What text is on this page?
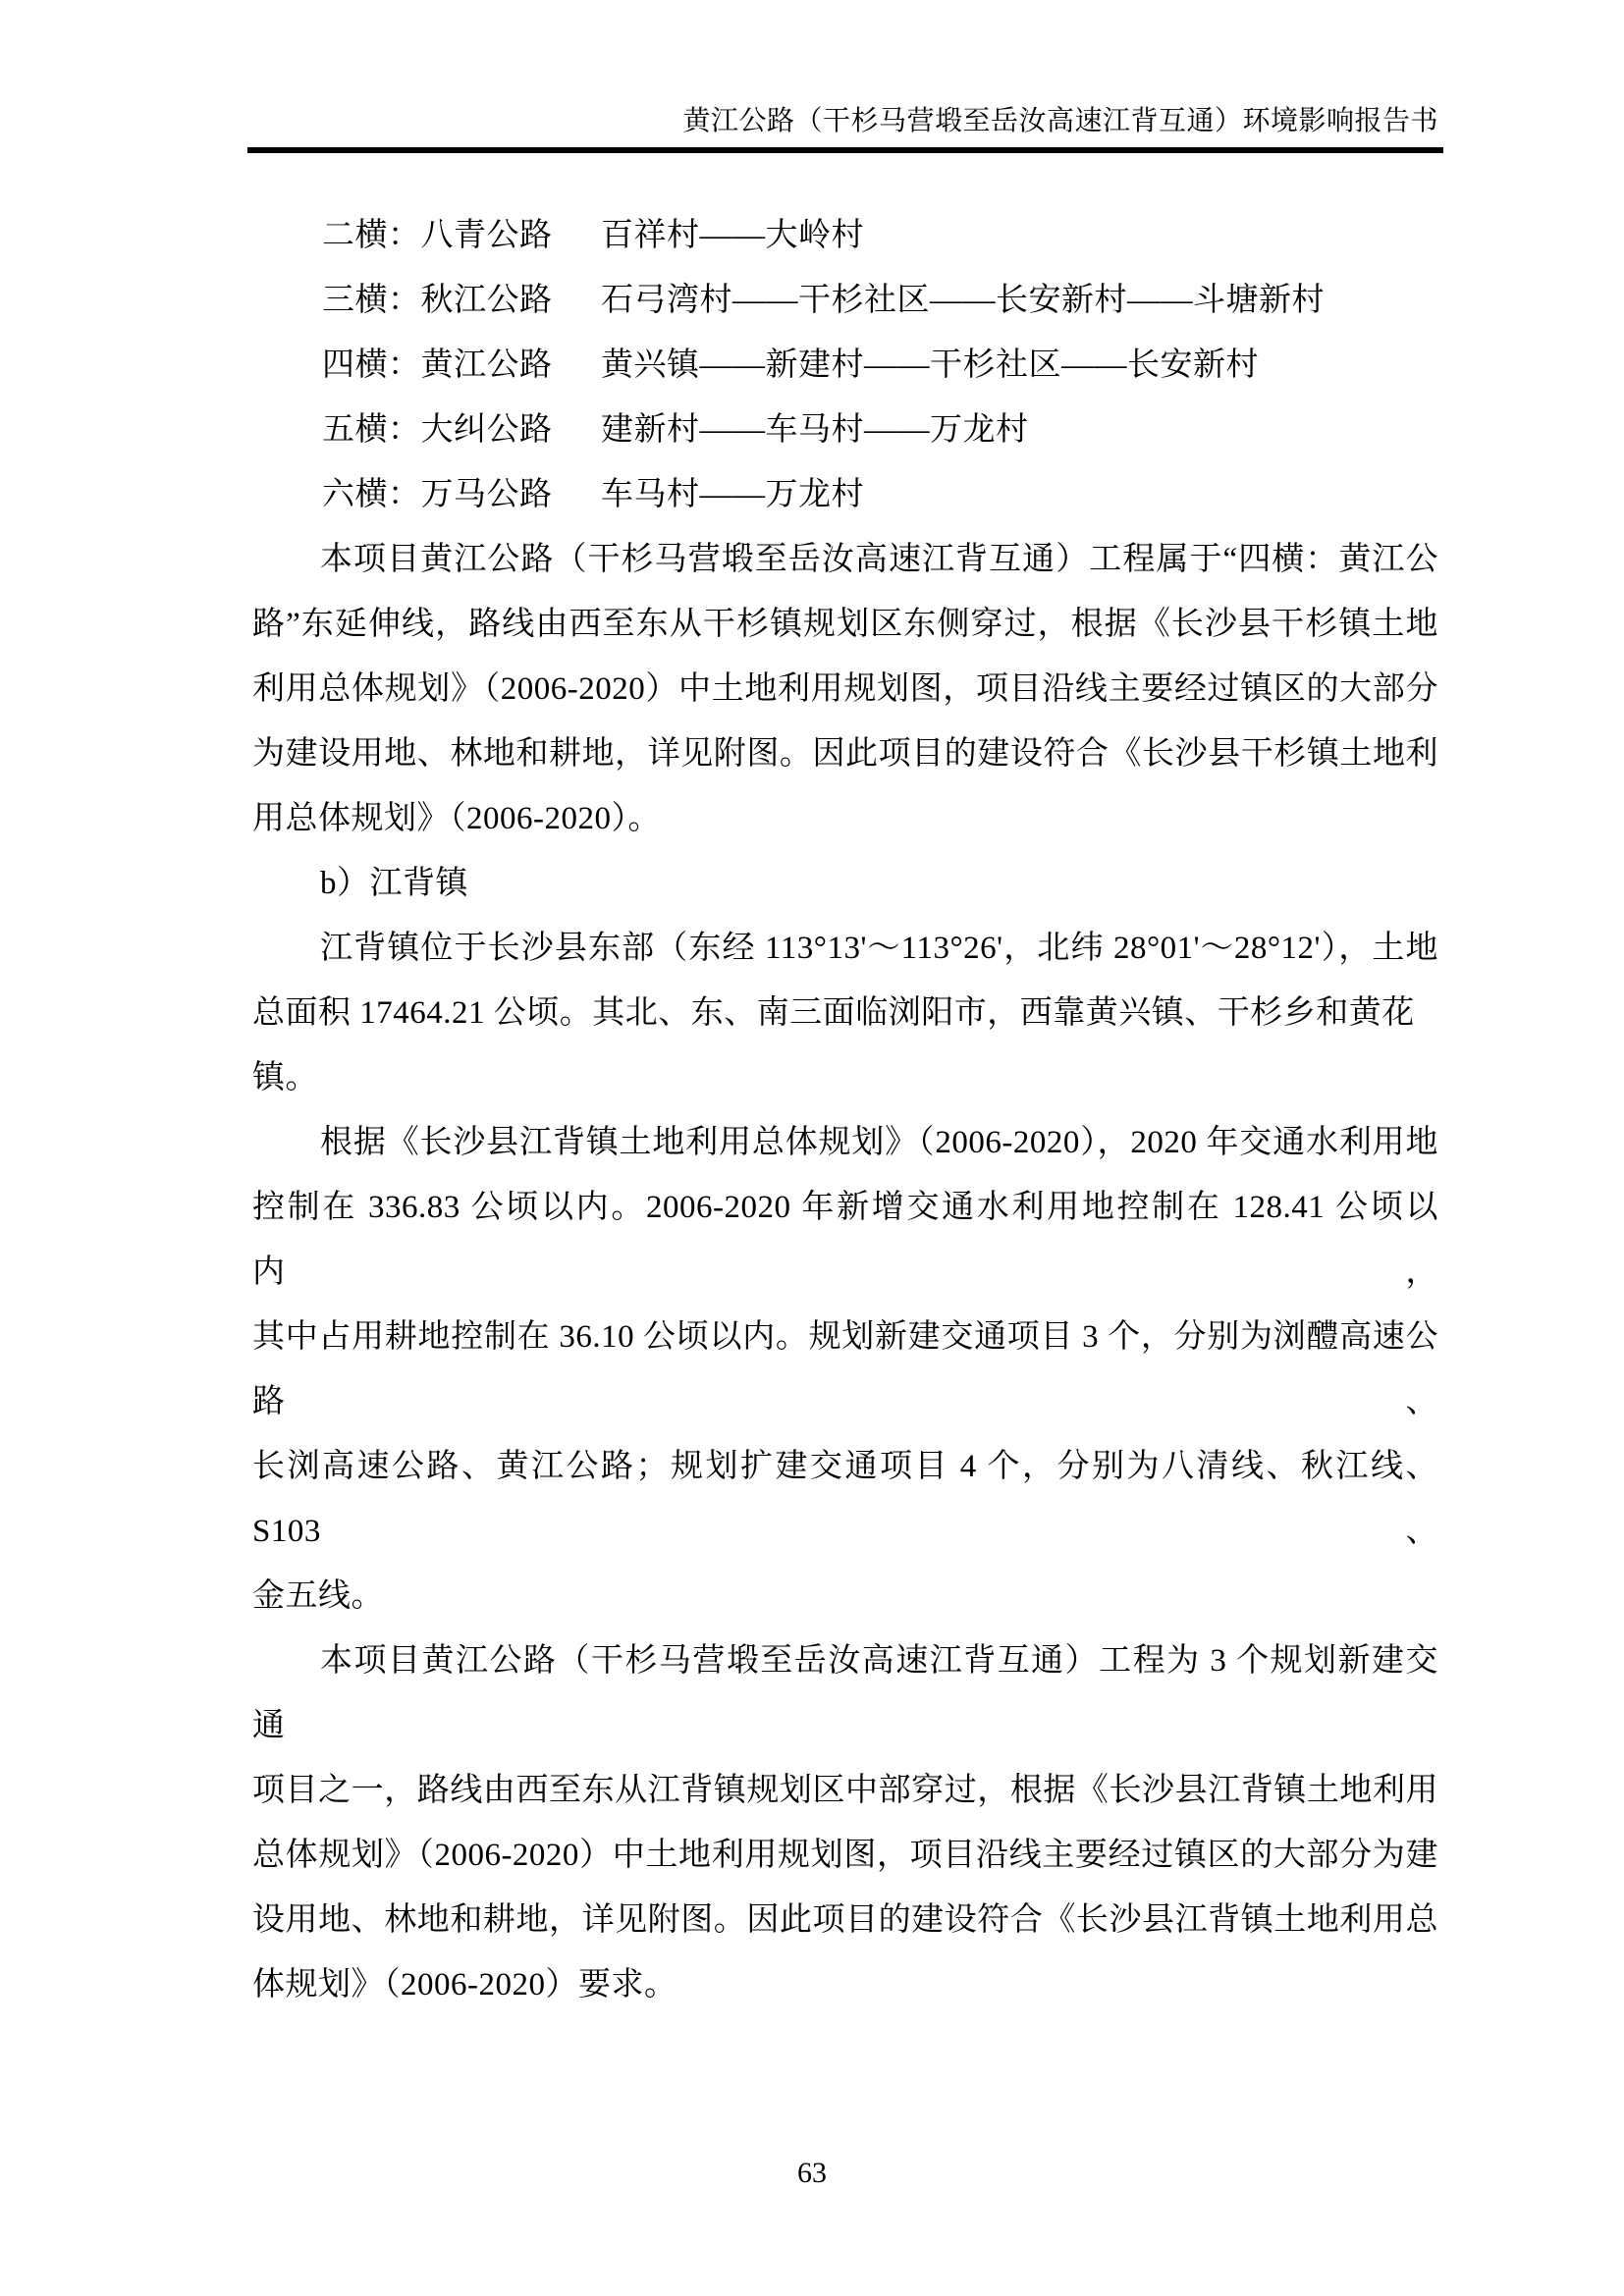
黄江公路（干杉马营塅至岳汝高速江背互通）环境影响报告书
二横：八青公路	百祥村——大岭村
三横：秋江公路	石弓湾村——干杉社区——长安新村——斗塘新村
四横：黄江公路	黄兴镇——新建村——干杉社区——长安新村
五横：大纠公路	建新村——车马村——万龙村
六横：万马公路	车马村——万龙村
本项目黄江公路（干杉马营塅至岳汝高速江背互通）工程属于“四横：黄江公
路”东延伸线，路线由西至东从干杉镇规划区东侧穿过，根据《长沙县干杉镇土地
利用总体规划》（2006-2020）中土地利用规划图，项目沿线主要经过镇区的大部分
为建设用地、林地和耕地，详见附图。因此项目的建设符合《长沙县干杉镇土地利
用总体规划》（2006-2020）。
b）江背镇
江背镇位于长沙县东部（东经 113°13'～113°26'，北纬 28°01'～28°12'），土地
总面积 17464.21 公顷。其北、东、南三面临浏阳市，西靠黄兴镇、干杉乡和黄花镇。
根据《长沙县江背镇土地利用总体规划》（2006-2020），2020 年交通水利用地
控制在 336.83 公顷以内。2006-2020 年新增交通水利用地控制在 128.41 公顷以内，
其中占用耕地控制在 36.10 公顷以内。规划新建交通项目 3 个，分别为浏醴高速公路、
长浏高速公路、黄江公路；规划扩建交通项目 4 个，分别为八清线、秋江线、S103、
金五线。
本项目黄江公路（干杉马营塅至岳汝高速江背互通）工程为 3 个规划新建交通
项目之一，路线由西至东从江背镇规划区中部穿过，根据《长沙县江背镇土地利用
总体规划》（2006-2020）中土地利用规划图，项目沿线主要经过镇区的大部分为建
设用地、林地和耕地，详见附图。因此项目的建设符合《长沙县江背镇土地利用总
体规划》（2006-2020）要求。
63
